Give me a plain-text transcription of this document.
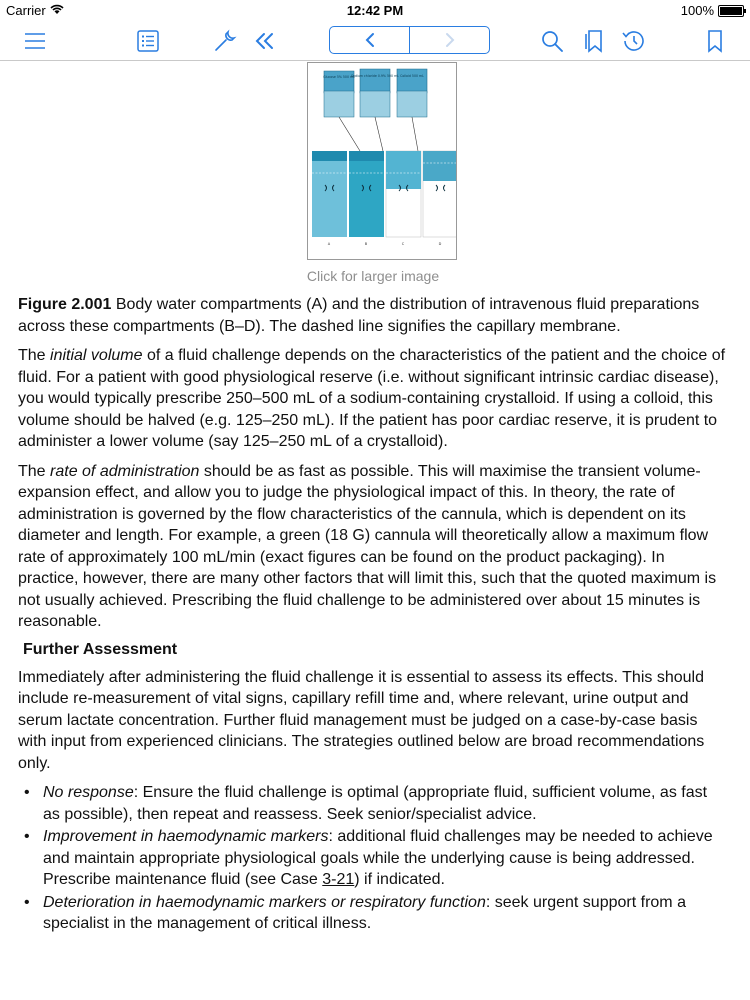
Carrier	12:42 PM	100%
Glucose 5% 500 mL
Sodium chloride 0.9% 500 mL Colloid 500 mL
A	B	C	D
Click for larger image

Figure 2.001 Body water compartments (A) and the distribution of intravenous fluid preparations across these compartments (B–D). The dashed line signifies the capillary membrane.

The initial volume of a fluid challenge depends on the characteristics of the patient and the choice of fluid. For a patient with good physiological reserve (i.e. without significant intrinsic cardiac disease), you would typically prescribe 250–500 mL of a sodium-containing crystalloid. If using a colloid, this volume should be halved (e.g. 125–250 mL). If the patient has poor cardiac reserve, it is prudent to administer a lower volume (say 125–250 mL of a crystalloid).

The rate of administration should be as fast as possible. This will maximise the transient volume-expansion effect, and allow you to judge the physiological impact of this. In theory, the rate of administration is governed by the flow characteristics of the cannula, which is dependent on its diameter and length. For example, a green (18 G) cannula will theoretically allow a maximum flow rate of approximately 100 mL/min (exact figures can be found on the product packaging). In practice, however, there are many other factors that will limit this, such that the quoted maximum is not usually achieved. Prescribing the fluid challenge to be administered over about 15 minutes is reasonable.

Further Assessment

Immediately after administering the fluid challenge it is essential to assess its effects. This should include re-measurement of vital signs, capillary refill time and, where relevant, urine output and serum lactate concentration. Further fluid management must be judged on a case-by-case basis with input from experienced clinicians. The strategies outlined below are broad recommendations only.

• No response: Ensure the fluid challenge is optimal (appropriate fluid, sufficient volume, as fast as possible), then repeat and reassess. Seek senior/specialist advice.
• Improvement in haemodynamic markers: additional fluid challenges may be needed to achieve and maintain appropriate physiological goals while the underlying cause is being addressed. Prescribe maintenance fluid (see Case 3-21) if indicated.
• Deterioration in haemodynamic markers or respiratory function: seek urgent support from a specialist in the management of critical illness.
